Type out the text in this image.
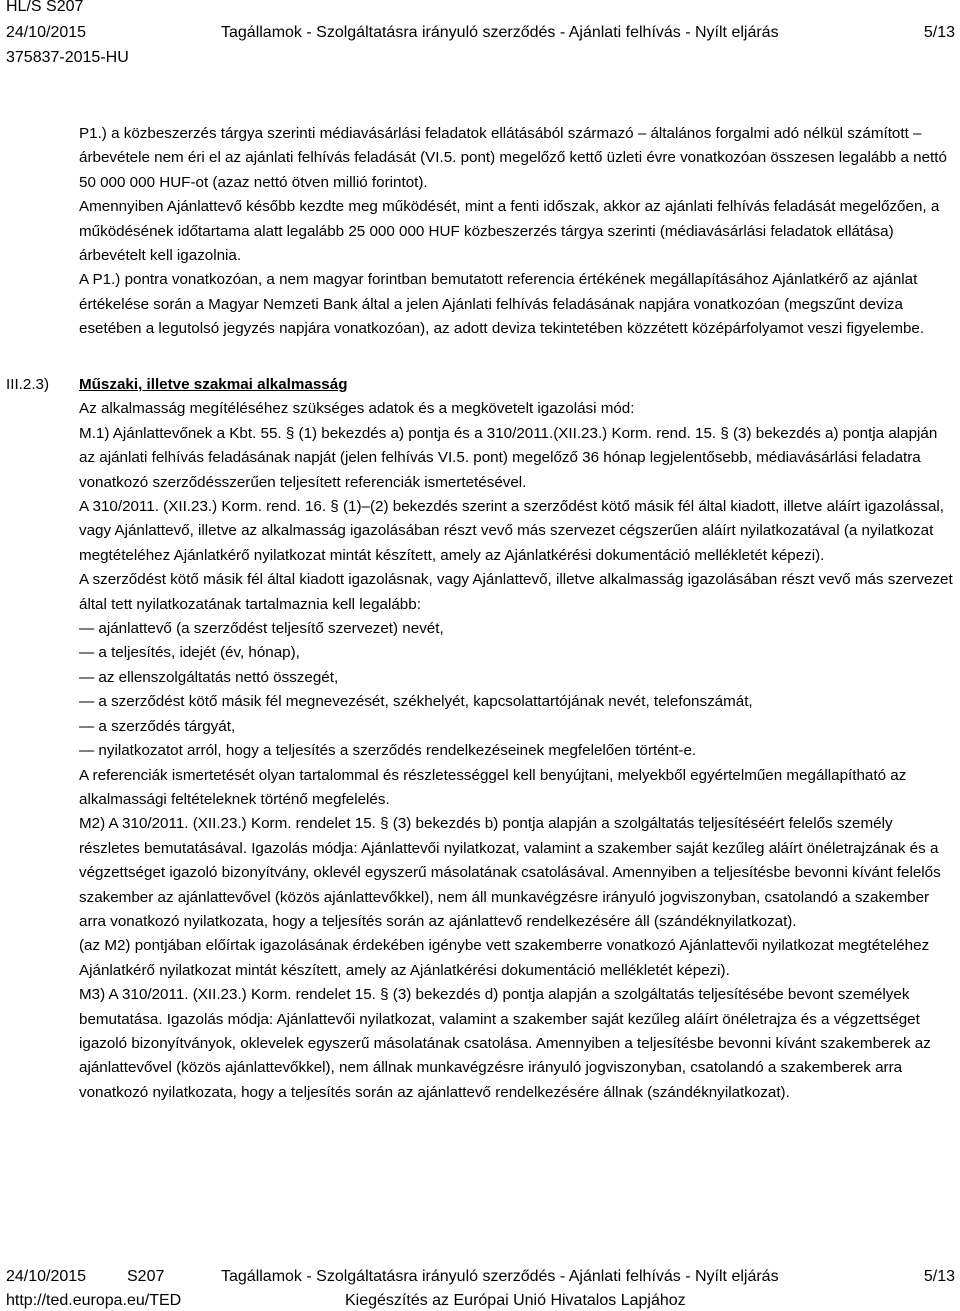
HL/S S207
24/10/2015	Tagállamok - Szolgáltatásra irányuló szerződés - Ajánlati felhívás - Nyílt eljárás	5/13
375837-2015-HU

P1.) a közbeszerzés tárgya szerinti médiavásárlási feladatok ellátásából származó – általános forgalmi adó nélkül számított – árbevétele nem éri el az ajánlati felhívás feladását (VI.5. pont) megelőző kettő üzleti évre vonatkozóan összesen legalább a nettó 50 000 000 HUF-ot (azaz nettó ötven millió forintot).

Amennyiben Ajánlattevő később kezdte meg működését, mint a fenti időszak, akkor az ajánlati felhívás feladását megelőzően, a működésének időtartama alatt legalább 25 000 000 HUF közbeszerzés tárgya szerinti (médiavásárlási feladatok ellátása) árbevételt kell igazolnia.

A P1.) pontra vonatkozóan, a nem magyar forintban bemutatott referencia értékének megállapításához Ajánlatkérő az ajánlat értékelése során a Magyar Nemzeti Bank által a jelen Ajánlati felhívás feladásának napjára vonatkozóan (megszűnt deviza esetében a legutolsó jegyzés napjára vonatkozóan), az adott deviza tekintetében közzétett középárfolyamot veszi figyelembe.

III.2.3) Műszaki, illetve szakmai alkalmasság

Az alkalmasság megítéléséhez szükséges adatok és a megkövetelt igazolási mód:

M.1) Ajánlattevőnek a Kbt. 55. § (1) bekezdés a) pontja és a 310/2011.(XII.23.) Korm. rend. 15. § (3) bekezdés a) pontja alapján az ajánlati felhívás feladásának napját (jelen felhívás VI.5. pont) megelőző 36 hónap legjelentősebb, médiavásárlási feladatra vonatkozó szerződésszerűen teljesített referenciák ismertetésével.

A 310/2011. (XII.23.) Korm. rend. 16. § (1)–(2) bekezdés szerint a szerződést kötő másik fél által kiadott, illetve aláírt igazolással, vagy Ajánlattevő, illetve az alkalmasság igazolásában részt vevő más szervezet cégszerűen aláírt nyilatkozatával (a nyilatkozat megtételéhez Ajánlatkérő nyilatkozat mintát készített, amely az Ajánlatkérési dokumentáció mellékletét képezi).

A szerződést kötő másik fél által kiadott igazolásnak, vagy Ajánlattevő, illetve alkalmasság igazolásában részt vevő más szervezet által tett nyilatkozatának tartalmaznia kell legalább:

— ajánlattevő (a szerződést teljesítő szervezet) nevét,

— a teljesítés, idejét (év, hónap),

— az ellenszolgáltatás nettó összegét,

— a szerződést kötő másik fél megnevezését, székhelyét, kapcsolattartójának nevét, telefonszámát,

— a szerződés tárgyát,

— nyilatkozatot arról, hogy a teljesítés a szerződés rendelkezéseinek megfelelően történt-e.

A referenciák ismertetését olyan tartalommal és részletességgel kell benyújtani, melyekből egyértelműen megállapítható az alkalmassági feltételeknek történő megfelelés.

M2) A 310/2011. (XII.23.) Korm. rendelet 15. § (3) bekezdés b) pontja alapján a szolgáltatás teljesítéséért felelős személy részletes bemutatásával. Igazolás módja: Ajánlattevői nyilatkozat, valamint a szakember saját kezűleg aláírt önéletrajzának és a végzettséget igazoló bizonyítvány, oklevél egyszerű másolatának csatolásával. Amennyiben a teljesítésbe bevonni kívánt felelős szakember az ajánlattevővel (közös ajánlattevőkkel), nem áll munkavégzésre irányuló jogviszonyban, csatolandó a szakember arra vonatkozó nyilatkozata, hogy a teljesítés során az ajánlattevő rendelkezésére áll (szándéknyilatkozat).

(az M2) pontjában előírtak igazolásának érdekében igénybe vett szakemberre vonatkozó Ajánlattevői nyilatkozat megtételéhez Ajánlatkérő nyilatkozat mintát készített, amely az Ajánlatkérési dokumentáció mellékletét képezi).

M3) A 310/2011. (XII.23.) Korm. rendelet 15. § (3) bekezdés d) pontja alapján a szolgáltatás teljesítésébe bevont személyek bemutatása. Igazolás módja: Ajánlattevői nyilatkozat, valamint a szakember saját kezűleg aláírt önéletrajza és a végzettséget igazoló bizonyítványok, oklevelek egyszerű másolatának csatolása. Amennyiben a teljesítésbe bevonni kívánt szakemberek az ajánlattevővel (közös ajánlattevőkkel), nem állnak munkavégzésre irányuló jogviszonyban, csatolandó a szakemberek arra vonatkozó nyilatkozata, hogy a teljesítés során az ajánlattevő rendelkezésére állnak (szándéknyilatkozat).

24/10/2015	S207	Tagállamok - Szolgáltatásra irányuló szerződés - Ajánlati felhívás - Nyílt eljárás	5/13
http://ted.europa.eu/TED	Kiegészítés az Európai Unió Hivatalos Lapjához
